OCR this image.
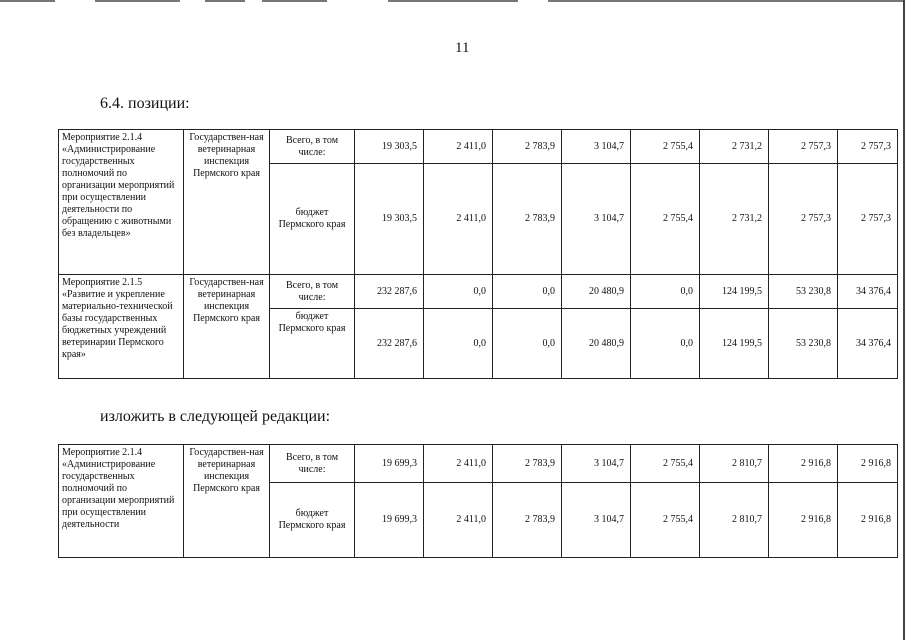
11
6.4. позиции:
Мероприятие 2.1.4 «Администрирование государственных полномочий по организации мероприятий при осуществлении деятельности по обращению с животными без владельцев»	Государствен-ная ветеринарная инспекция Пермского края	Всего, в том числе:	19 303,5	2 411,0	2 783,9	3 104,7	2 755,4	2 731,2	2 757,3	2 757,3
		бюджет Пермского края	19 303,5	2 411,0	2 783,9	3 104,7	2 755,4	2 731,2	2 757,3	2 757,3
Мероприятие 2.1.5 «Развитие и укрепление материально-технической базы государственных бюджетных учреждений ветеринарии Пермского края»	Государствен-ная ветеринарная инспекция Пермского края	Всего, в том числе:	232 287,6	0,0	0,0	20 480,9	0,0	124 199,5	53 230,8	34 376,4
		бюджет Пермского края	232 287,6	0,0	0,0	20 480,9	0,0	124 199,5	53 230,8	34 376,4
изложить в следующей редакции:
Мероприятие 2.1.4 «Администрирование государственных полномочий по организации мероприятий при осуществлении деятельности	Государствен-ная ветеринарная инспекция Пермского края	Всего, в том числе:	19 699,3	2 411,0	2 783,9	3 104,7	2 755,4	2 810,7	2 916,8	2 916,8
		бюджет Пермского края	19 699,3	2 411,0	2 783,9	3 104,7	2 755,4	2 810,7	2 916,8	2 916,8
